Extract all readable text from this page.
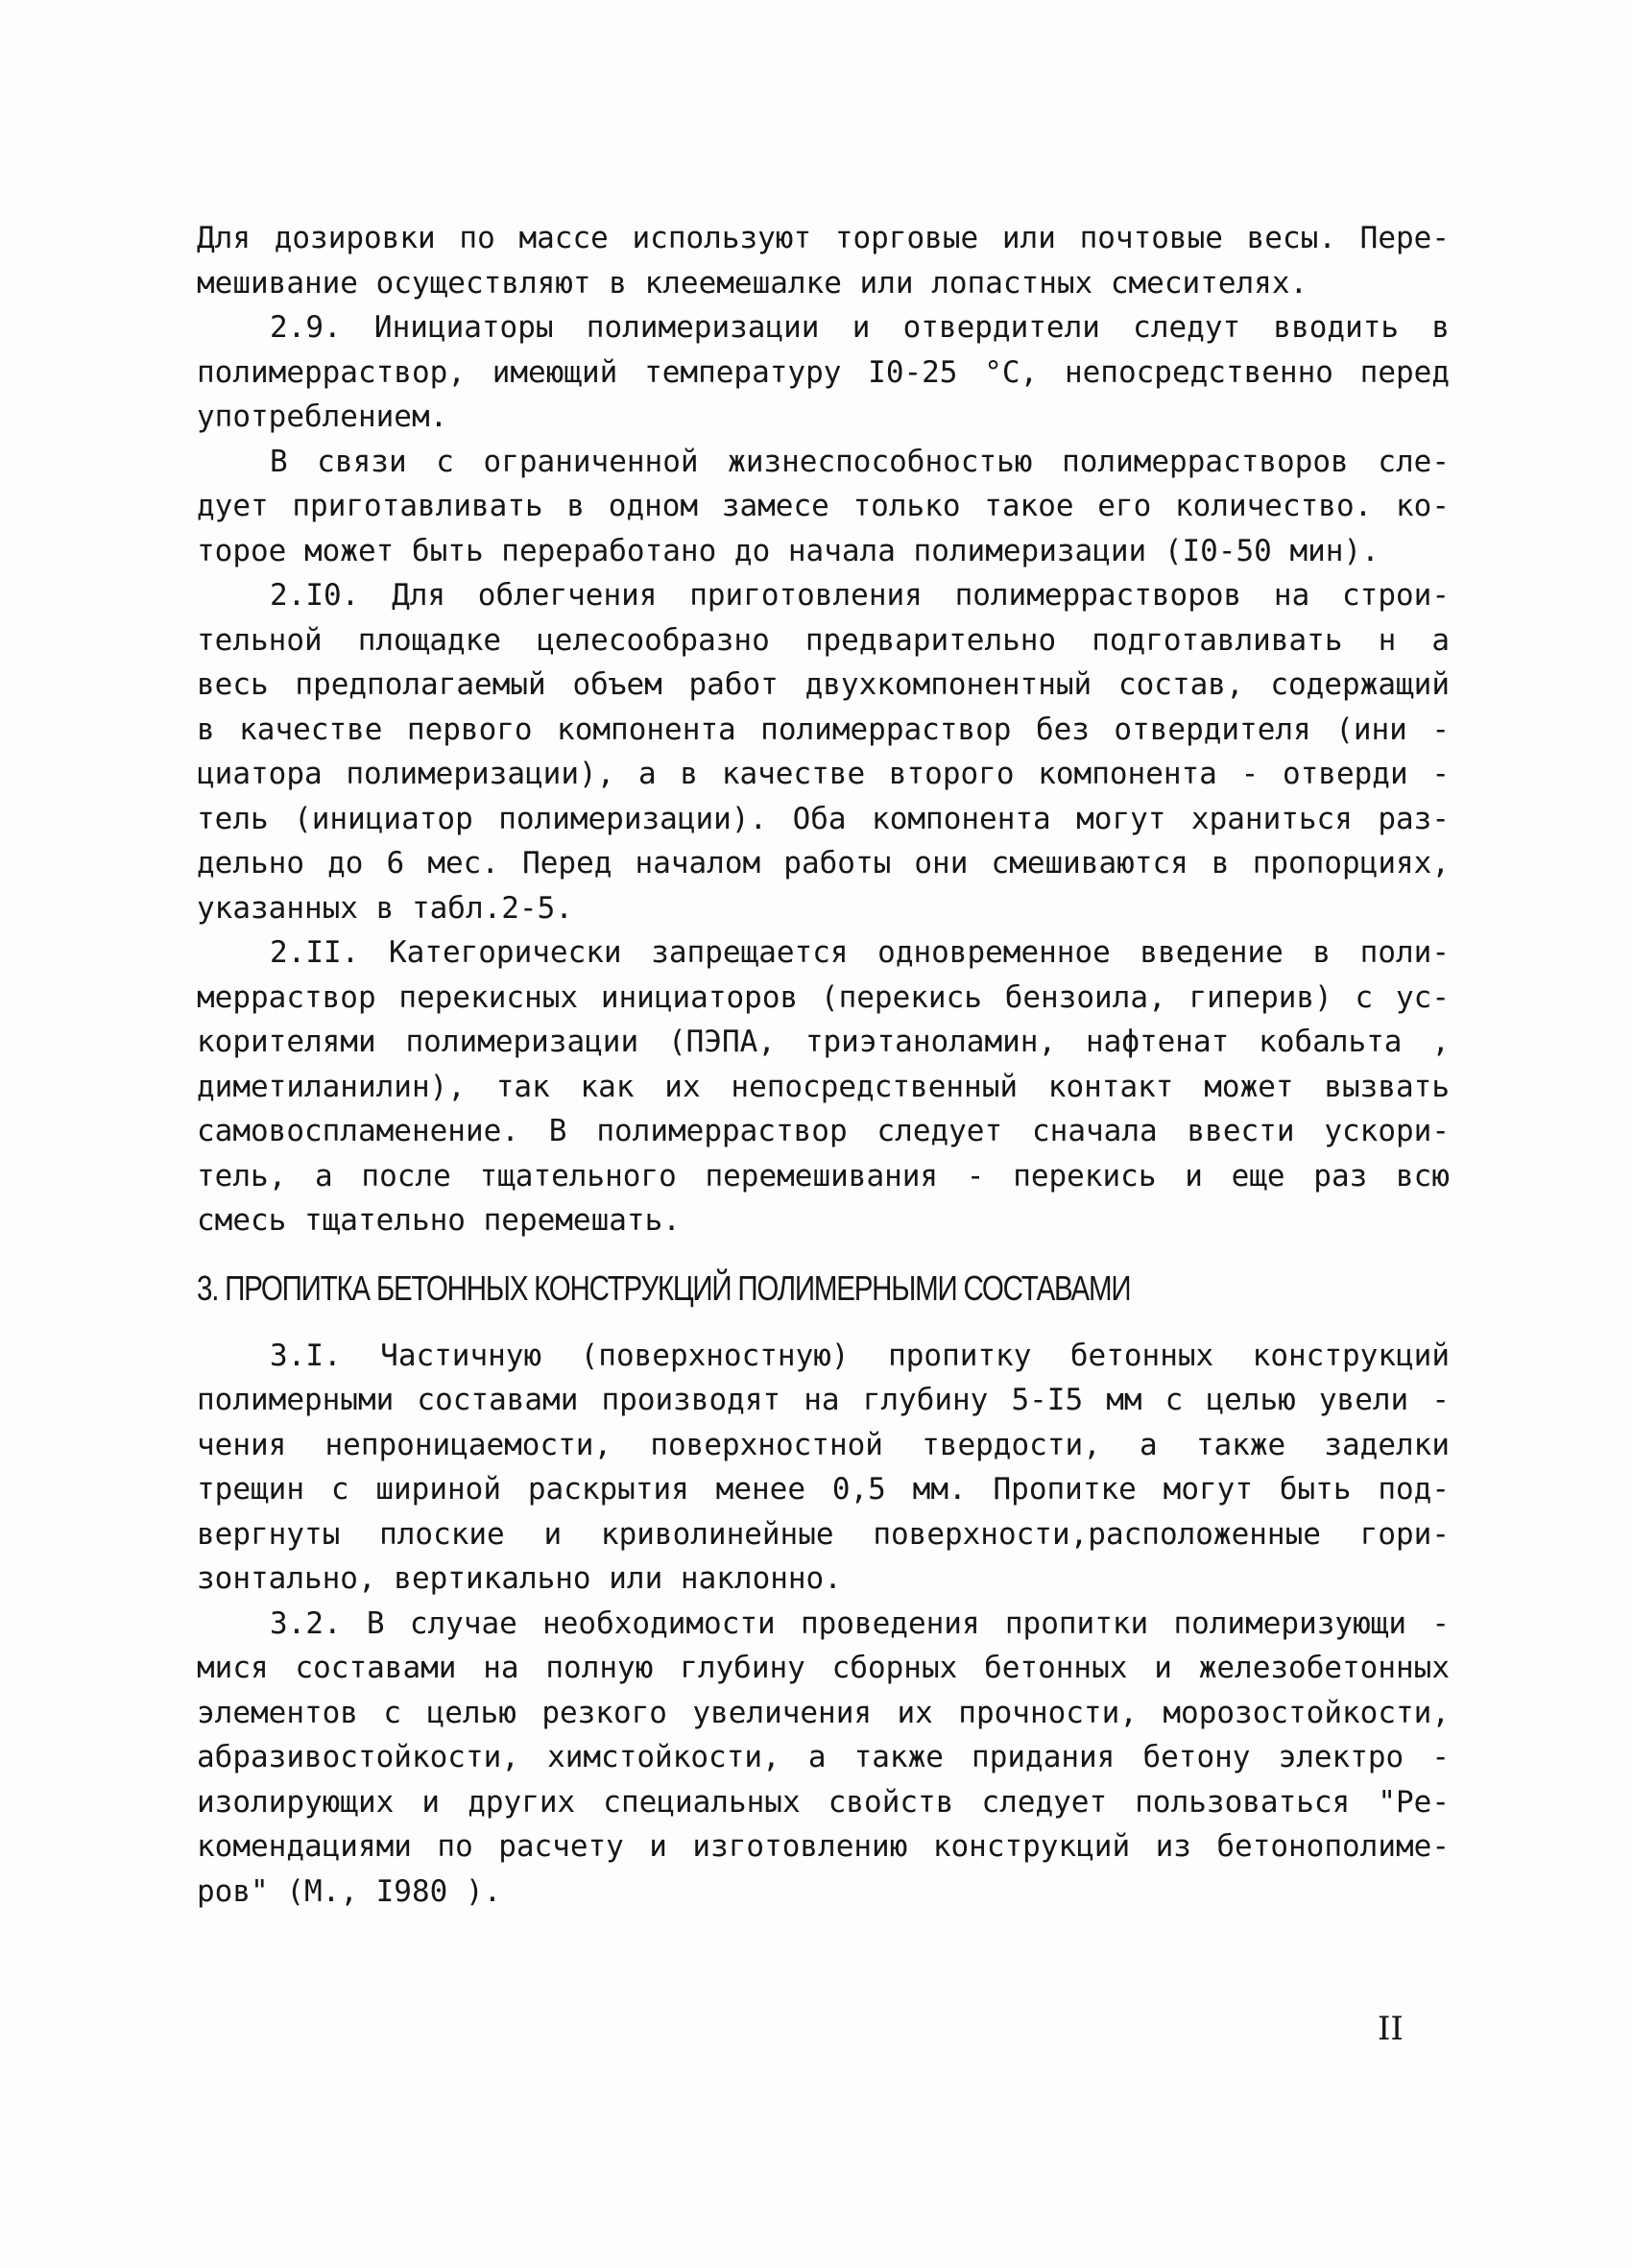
Для дозировки по массе используют торговые или почтовые весы. Пере-
мешивание осуществляют в клеемешалке или лопастных смесителях.
2.9. Инициаторы полимеризации и отвердители следут вводить в
полимерраствор, имеющий температуру I0-25 °С, непосредственно перед
употреблением.
В связи с ограниченной жизнеспособностью полимеррастворов сле-
дует приготавливать в одном замесе только такое его количество. ко-
торое может быть переработано до начала полимеризации (I0-50 мин).
2.I0. Для облегчения приготовления полимеррастворов на строи-
тельной площадке целесообразно предварительно подготавливать н а
весь предполагаемый объем работ двухкомпонентный состав, содержащий
в качестве первого компонента полимерраствор без отвердителя (ини -
циатора полимеризации), а в качестве второго компонента - отверди -
тель (инициатор полимеризации). Оба компонента могут храниться раз-
дельно до 6 мес. Перед началом работы они смешиваются в пропорциях,
указанных в табл.2-5.
2.II. Категорически запрещается одновременное введение в поли-
мерраствор перекисных инициаторов (перекись бензоила, гиперив) с ус-
корителями полимеризации (ПЭПА, триэтаноламин, нафтенат кобальта ,
диметиланилин), так как их непосредственный контакт может вызвать
самовоспламенение. В полимерраствор следует сначала ввести ускори-
тель, а после тщательного перемешивания - перекись и еще раз всю
смесь тщательно перемешать.
3. ПРОПИТКА БЕТОННЫХ КОНСТРУКЦИЙ ПОЛИМЕРНЫМИ СОСТАВАМИ
3.I. Частичную (поверхностную) пропитку бетонных конструкций
полимерными составами производят на глубину 5-I5 мм с целью увели -
чения непроницаемости, поверхностной твердости, а также заделки
трещин с шириной раскрытия менее 0,5 мм. Пропитке могут быть под-
вергнуты плоские и криволинейные поверхности,расположенные гори-
зонтально, вертикально или наклонно.
3.2. В случае необходимости проведения пропитки полимеризующи -
мися составами на полную глубину сборных бетонных и железобетонных
элементов с целью резкого увеличения их прочности, морозостойкости,
абразивостойкости, химстойкости, а также придания бетону электро -
изолирующих и других специальных свойств следует пользоваться "Ре-
комендациями по расчету и изготовлению конструкций из бетонополиме-
ров" (М., I980 ).
II
